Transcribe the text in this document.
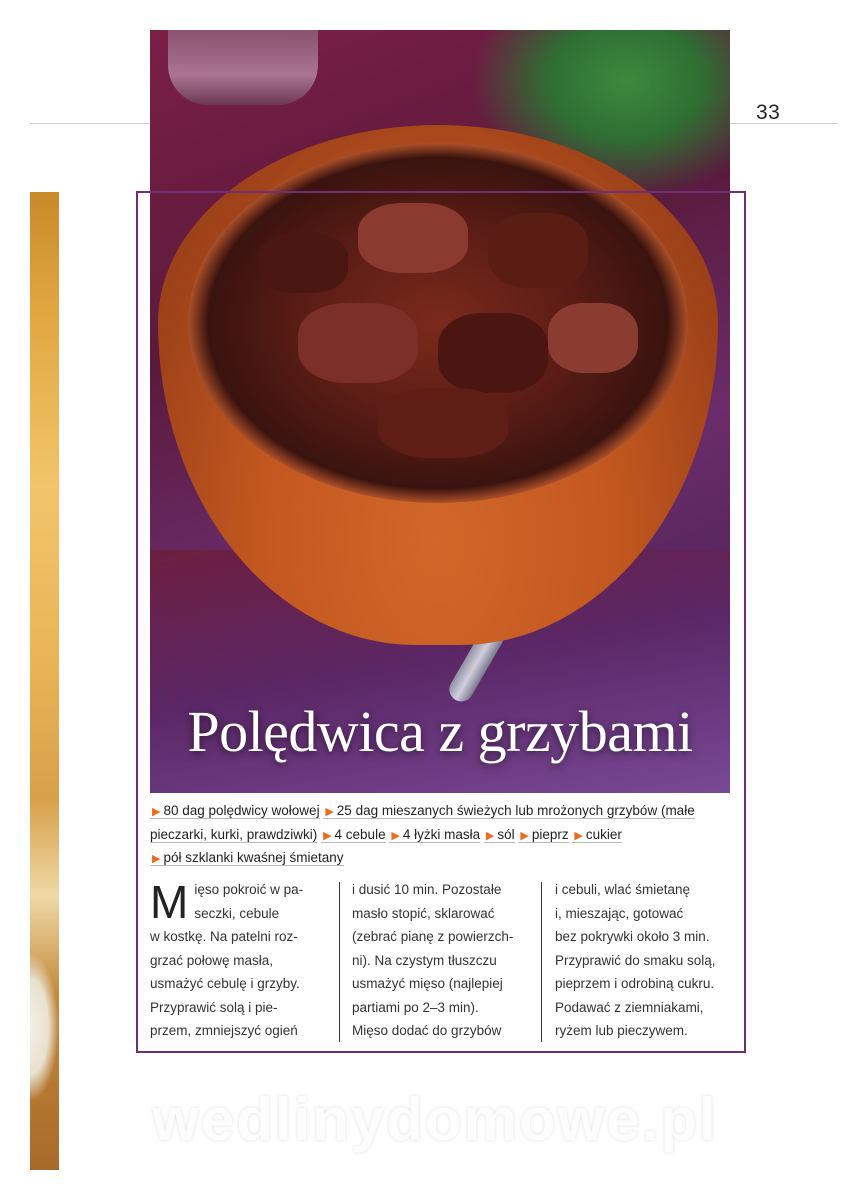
33
Polędwica z grzybami
▶ 80 dag polędwicy wołowej ▶ 25 dag mieszanych świeżych lub mrożonych grzybów (małe pieczarki, kurki, prawdziwki) ▶ 4 cebule ▶ 4 łyżki masła ▶ sól ▶ pieprz ▶ cukier
▶ pół szklanki kwaśnej śmietany
M ięso pokroić w pa-
seczki, cebule
w kostkę. Na patelni roz-
grzać połowę masła,
usmażyć cebulę i grzyby.
Przyprawić solą i pie-
przem, zmniejszyć ogień
i dusić 10 min. Pozostałe
masło stopić, sklarować
(zebrać pianę z powierzch-
ni). Na czystym tłuszczu
usmażyć mięso (najlepiej
partiami po 2–3 min).
Mięso dodać do grzybów
i cebuli, wlać śmietanę
i, mieszając, gotować
bez pokrywki około 3 min.
Przyprawić do smaku solą,
pieprzem i odrobiną cukru.
Podawać z ziemniakami,
ryżem lub pieczywem.
wedlinydomowe.pl
